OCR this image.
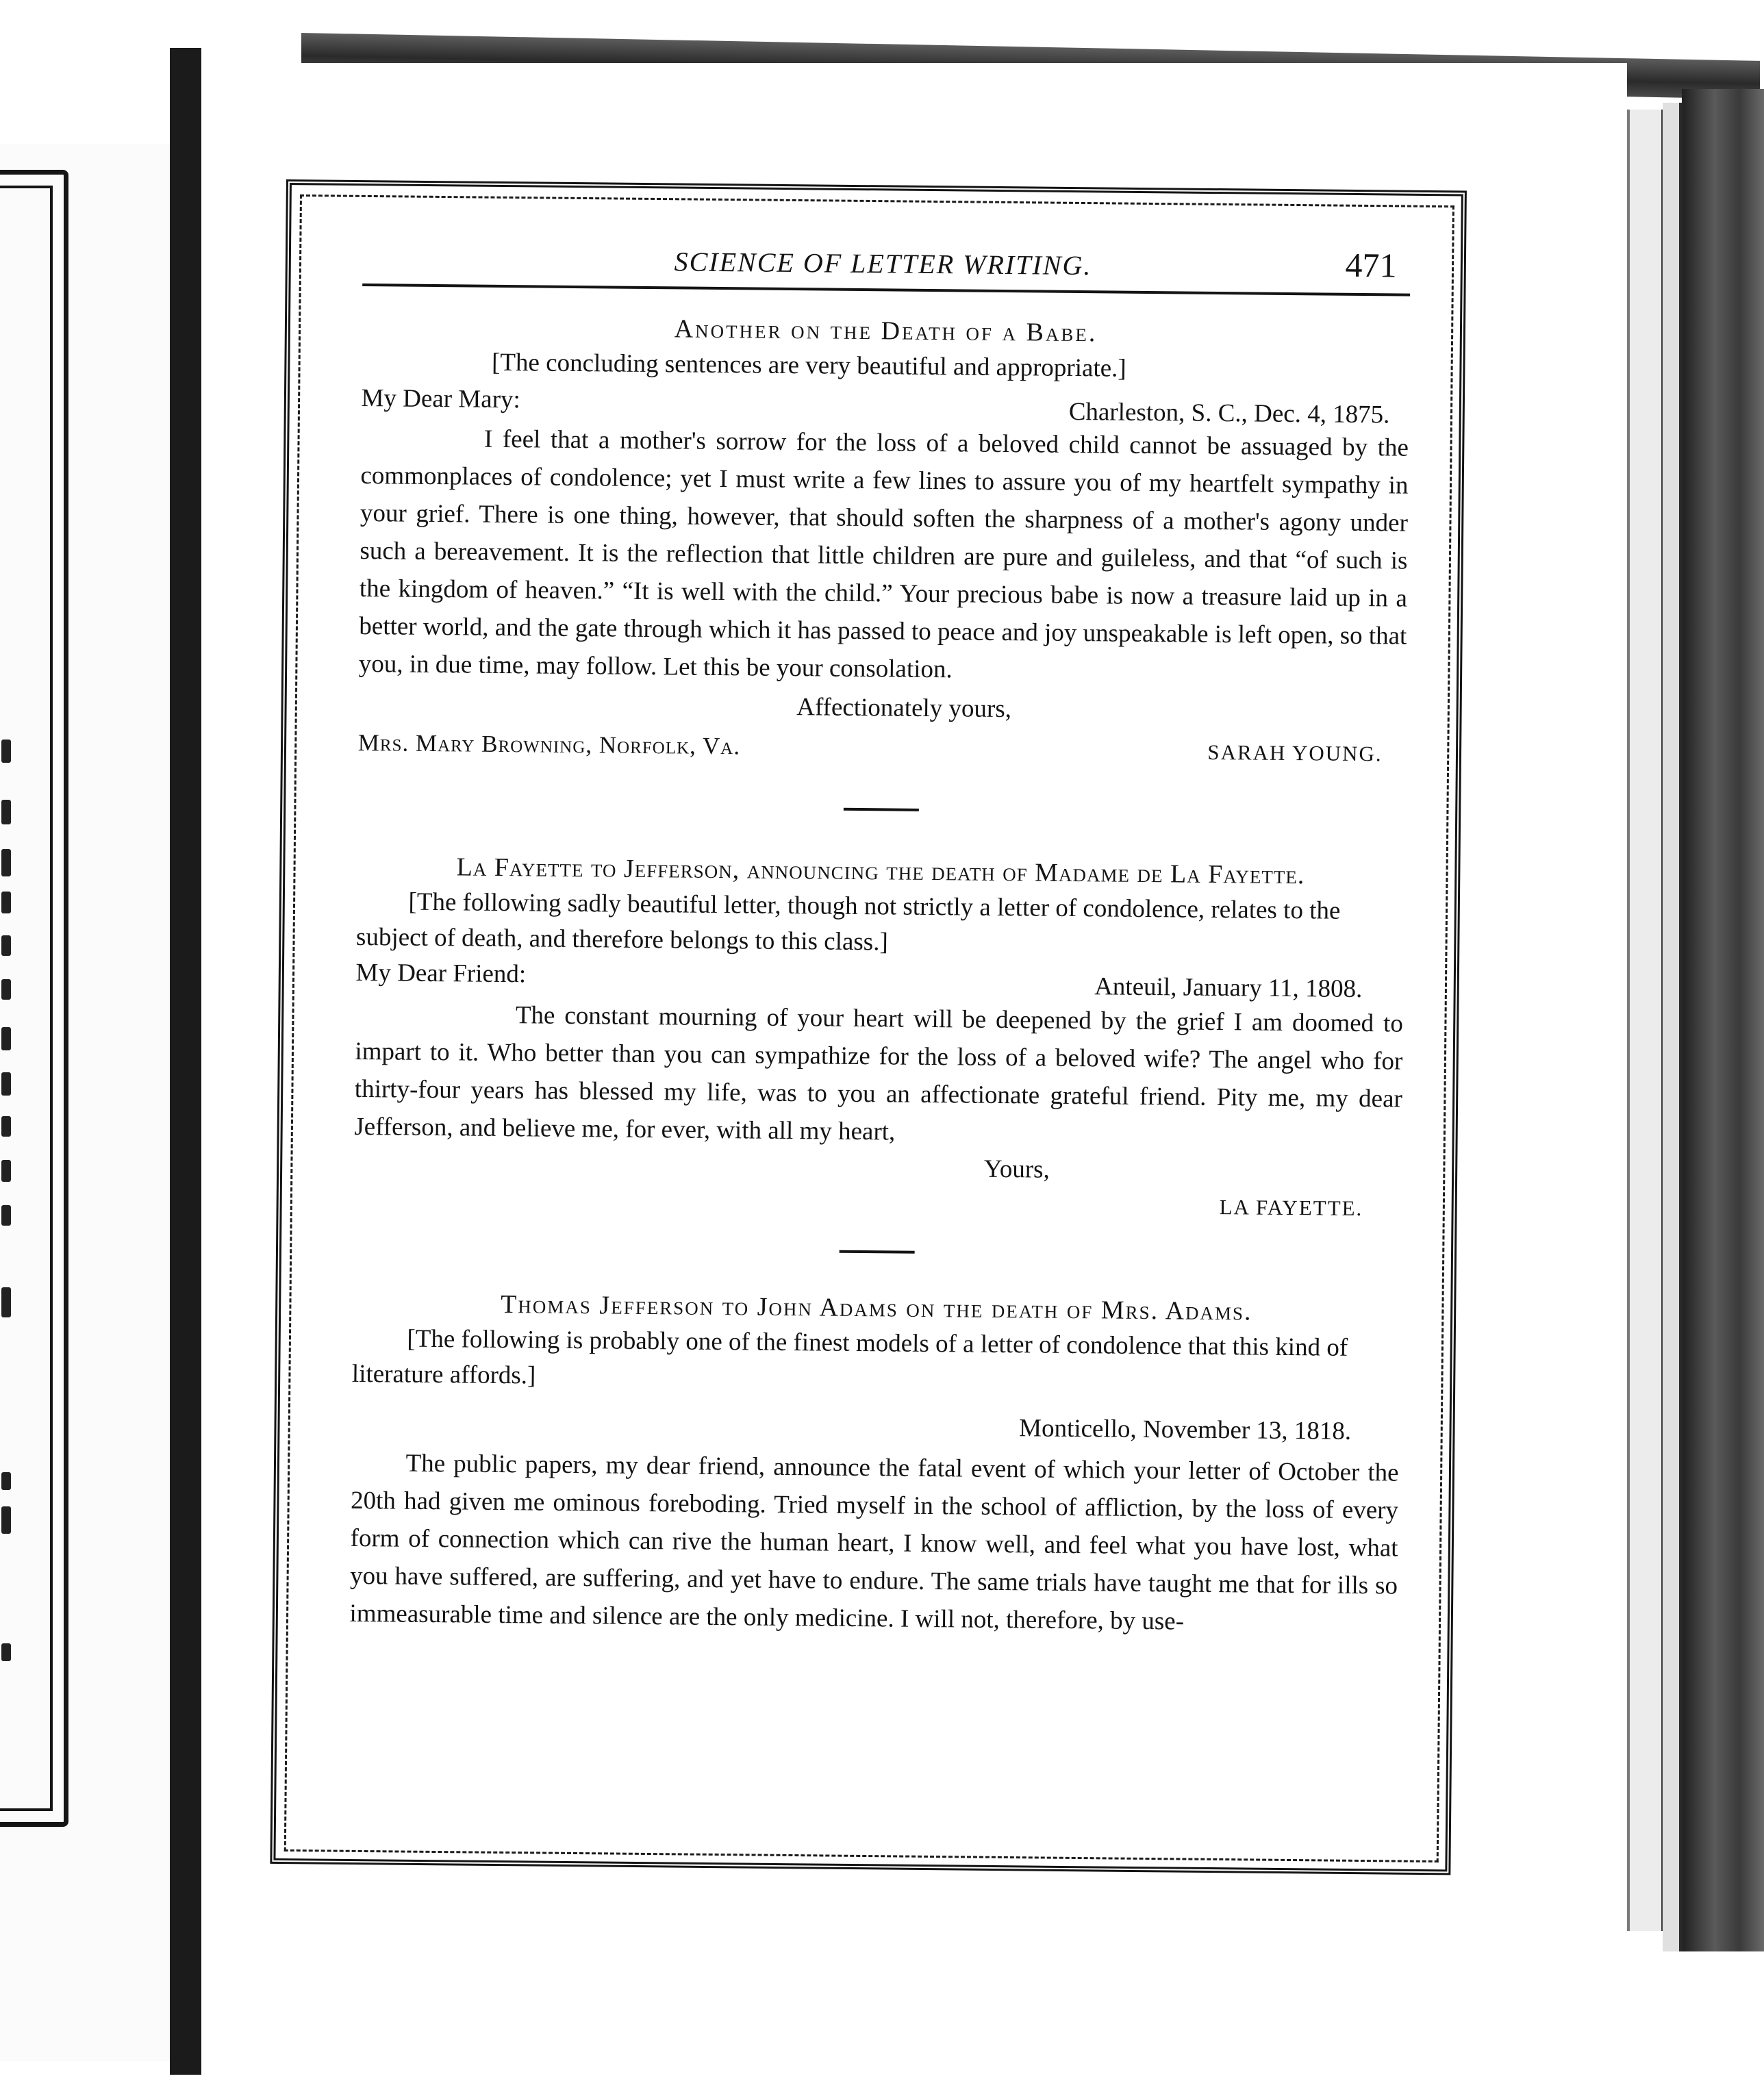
SCIENCE OF LETTER WRITING.	471

Another on the Death of a Babe.

[The concluding sentences are very beautiful and appropriate.]

My Dear Mary:	Charleston, S. C., Dec. 4, 1875.

I feel that a mother's sorrow for the loss of a beloved child cannot be assuaged by the commonplaces of condolence; yet I must write a few lines to assure you of my heartfelt sympathy in your grief. There is one thing, however, that should soften the sharpness of a mother's agony under such a bereavement. It is the reflection that little children are pure and guileless, and that “of such is the kingdom of heaven.” “It is well with the child.” Your precious babe is now a treasure laid up in a better world, and the gate through which it has passed to peace and joy unspeakable is left open, so that you, in due time, may follow. Let this be your consolation.

Affectionately yours,
Mrs. Mary Browning, Norfolk, Va.	SARAH YOUNG.

La Fayette to Jefferson, announcing the death of Madame de La Fayette.

[The following sadly beautiful letter, though not strictly a letter of condolence, relates to the subject of death, and therefore belongs to this class.]

My Dear Friend:	Anteuil, January 11, 1808.

The constant mourning of your heart will be deepened by the grief I am doomed to impart to it. Who better than you can sympathize for the loss of a beloved wife? The angel who for thirty-four years has blessed my life, was to you an affectionate grateful friend. Pity me, my dear Jefferson, and believe me, for ever, with all my heart,

Yours,
LA FAYETTE.

Thomas Jefferson to John Adams on the death of Mrs. Adams.

[The following is probably one of the finest models of a letter of condolence that this kind of literature affords.]

Monticello, November 13, 1818.

The public papers, my dear friend, announce the fatal event of which your letter of October the 20th had given me ominous foreboding. Tried myself in the school of affliction, by the loss of every form of connection which can rive the human heart, I know well, and feel what you have lost, what you have suffered, are suffering, and yet have to endure. The same trials have taught me that for ills so immeasurable time and silence are the only medicine. I will not, therefore, by use-
